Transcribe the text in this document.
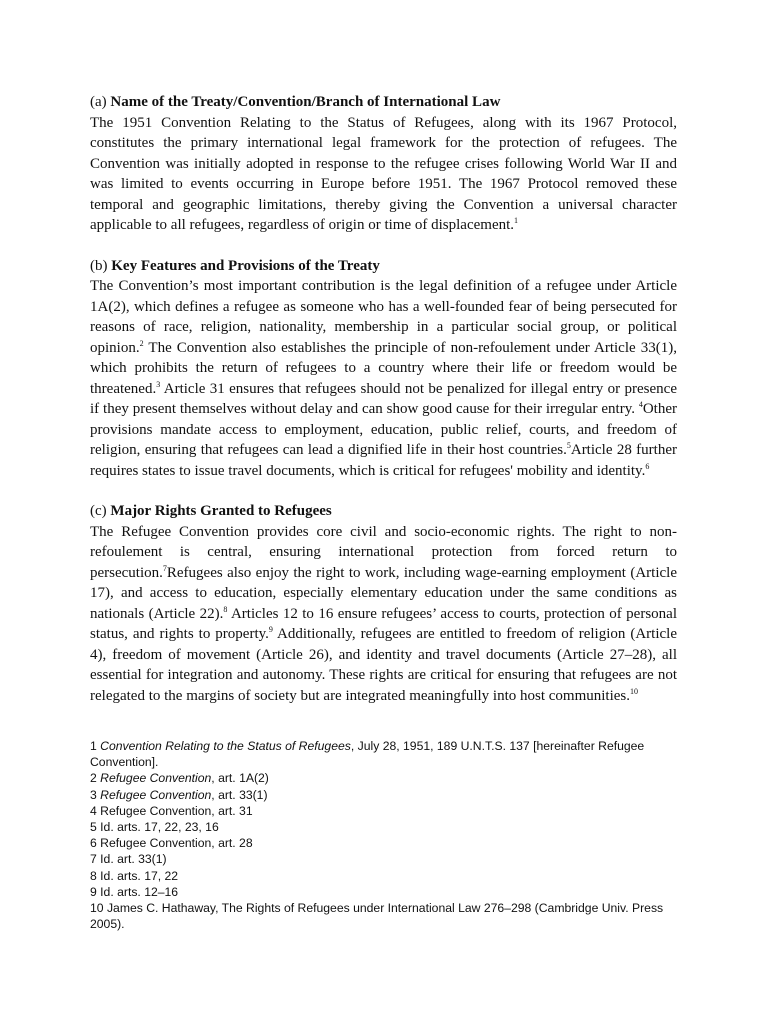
(a) Name of the Treaty/Convention/Branch of International Law

The 1951 Convention Relating to the Status of Refugees, along with its 1967 Protocol, constitutes the primary international legal framework for the protection of refugees. The Convention was initially adopted in response to the refugee crises following World War II and was limited to events occurring in Europe before 1951. The 1967 Protocol removed these temporal and geographic limitations, thereby giving the Convention a universal character applicable to all refugees, regardless of origin or time of displacement.$^1$

(b) Key Features and Provisions of the Treaty

The Convention’s most important contribution is the legal definition of a refugee under Article 1A(2), which defines a refugee as someone who has a well-founded fear of being persecuted for reasons of race, religion, nationality, membership in a particular social group, or political opinion.$^2$ The Convention also establishes the principle of non-refoulement under Article 33(1), which prohibits the return of refugees to a country where their life or freedom would be threatened.$^3$ Article 31 ensures that refugees should not be penalized for illegal entry or presence if they present themselves without delay and can show good cause for their irregular entry. $^4$Other provisions mandate access to employment, education, public relief, courts, and freedom of religion, ensuring that refugees can lead a dignified life in their host countries.$^5$Article 28 further requires states to issue travel documents, which is critical for refugees' mobility and identity.$^6$

(c) Major Rights Granted to Refugees

The Refugee Convention provides core civil and socio-economic rights. The right to non-refoulement is central, ensuring international protection from forced return to persecution.$^7$Refugees also enjoy the right to work, including wage-earning employment (Article 17), and access to education, especially elementary education under the same conditions as nationals (Article 22).$^8$ Articles 12 to 16 ensure refugees’ access to courts, protection of personal status, and rights to property.$^9$ Additionally, refugees are entitled to freedom of religion (Article 4), freedom of movement (Article 26), and identity and travel documents (Article 27–28), all essential for integration and autonomy. These rights are critical for ensuring that refugees are not relegated to the margins of society but are integrated meaningfully into host communities.$^{10}$

1 Convention Relating to the Status of Refugees, July 28, 1951, 189 U.N.T.S. 137 [hereinafter Refugee Convention].

2 Refugee Convention, art. 1A(2)

3 Refugee Convention, art. 33(1)

4 Refugee Convention, art. 31

5 Id. arts. 17, 22, 23, 16

6 Refugee Convention, art. 28

7 Id. art. 33(1)

8 Id. arts. 17, 22

9 Id. arts. 12–16

10 James C. Hathaway, The Rights of Refugees under International Law 276–298 (Cambridge Univ. Press 2005).
